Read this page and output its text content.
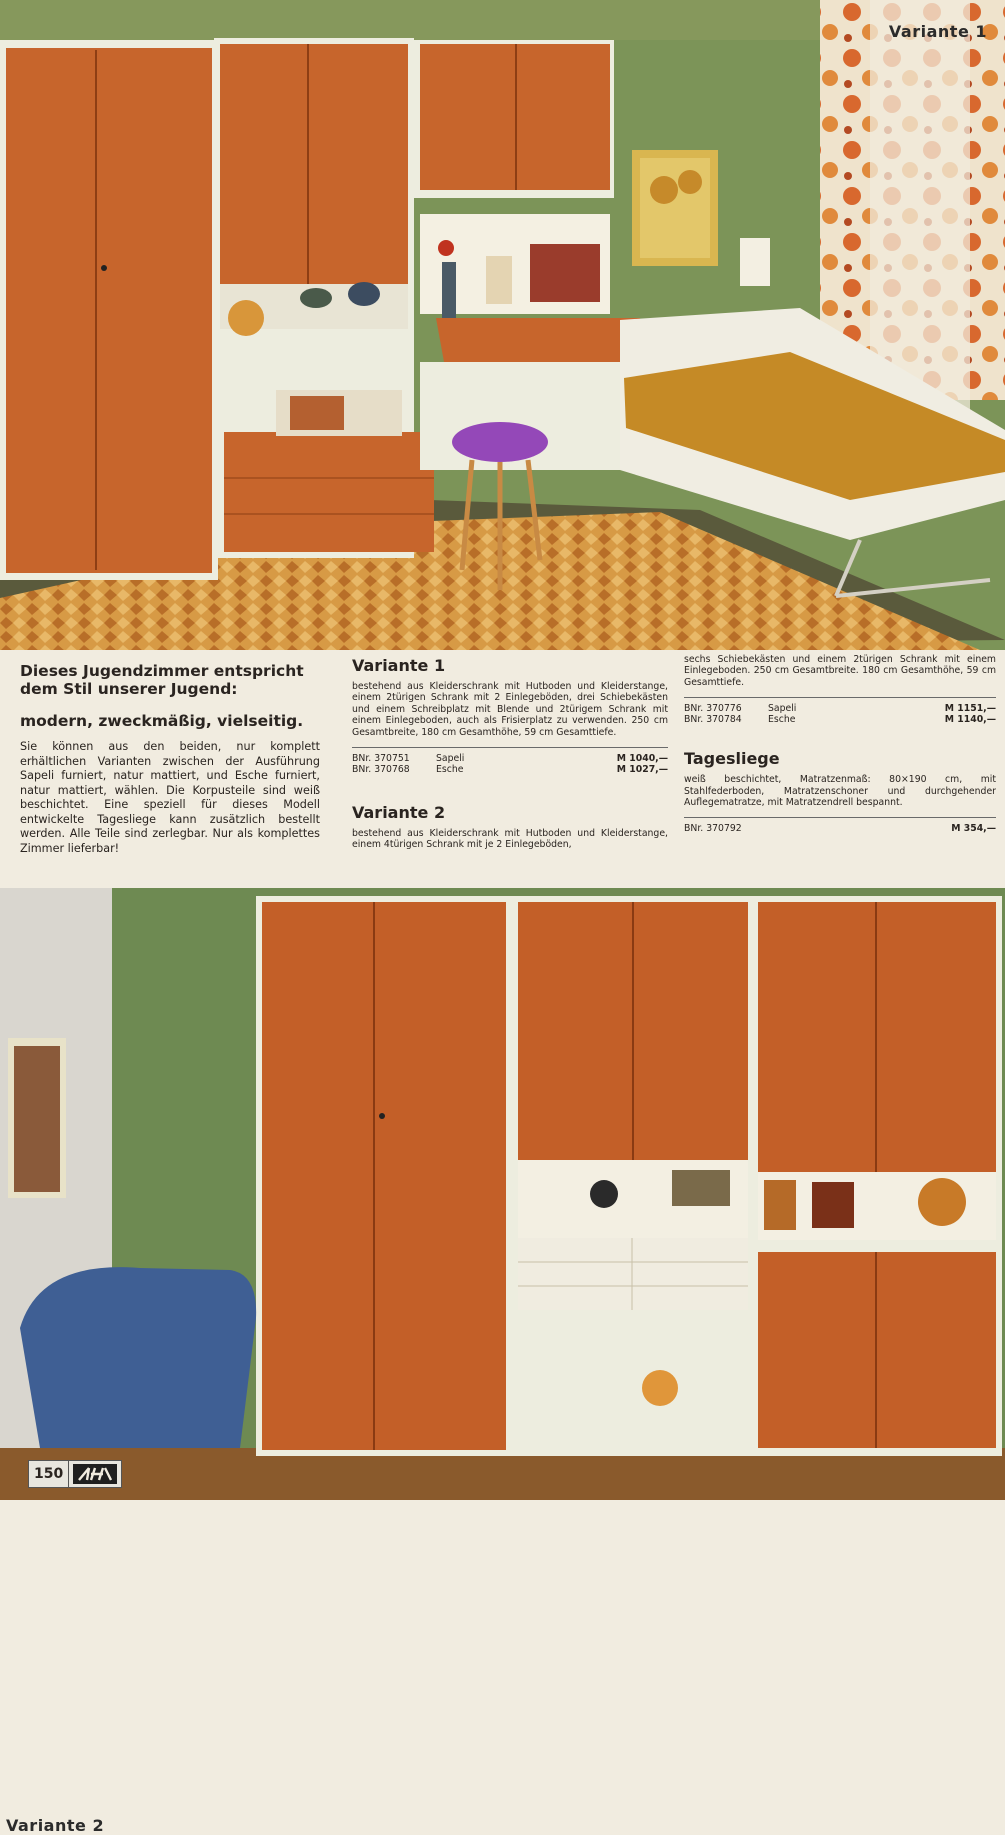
Variante 1

Dieses Jugendzimmer entspricht dem Stil unserer Jugend:

modern, zweckmäßig, vielseitig.

Sie können aus den beiden, nur komplett erhältlichen Varianten zwischen der Ausführung Sapeli furniert, natur mattiert, und Esche furniert, natur mattiert, wählen. Die Korpusteile sind weiß beschichtet. Eine speziell für dieses Modell entwickelte Tagesliege kann zusätzlich bestellt werden. Alle Teile sind zerlegbar. Nur als komplettes Zimmer lieferbar!

Variante 1

bestehend aus Kleiderschrank mit Hutboden und Kleiderstange, einem 2türigen Schrank mit 2 Einlegeböden, drei Schiebekästen und einem Schreibplatz mit Blende und 2türigem Schrank mit einem Einlegeboden, auch als Frisierplatz zu verwenden. 250 cm Gesamtbreite, 180 cm Gesamthöhe, 59 cm Gesamttiefe.

BNr. 370751	Sapeli	M 1040,—
BNr. 370768	Esche	M 1027,—
Variante 2

bestehend aus Kleiderschrank mit Hutboden und Kleiderstange, einem 4türigen Schrank mit je 2 Einlegeböden,

sechs Schiebekästen und einem 2türigen Schrank mit einem Einlegeboden. 250 cm Gesamtbreite. 180 cm Gesamthöhe, 59 cm Gesamttiefe.

BNr. 370776	Sapeli	M 1151,—
BNr. 370784	Esche	M 1140,—
Tagesliege

weiß beschichtet, Matratzenmaß: 80×190 cm, mit Stahlfederboden, Matratzenschoner und durchgehender Auflegematratze, mit Matratzendrell bespannt.

BNr. 370792	M 354,—
Variante 2
150
